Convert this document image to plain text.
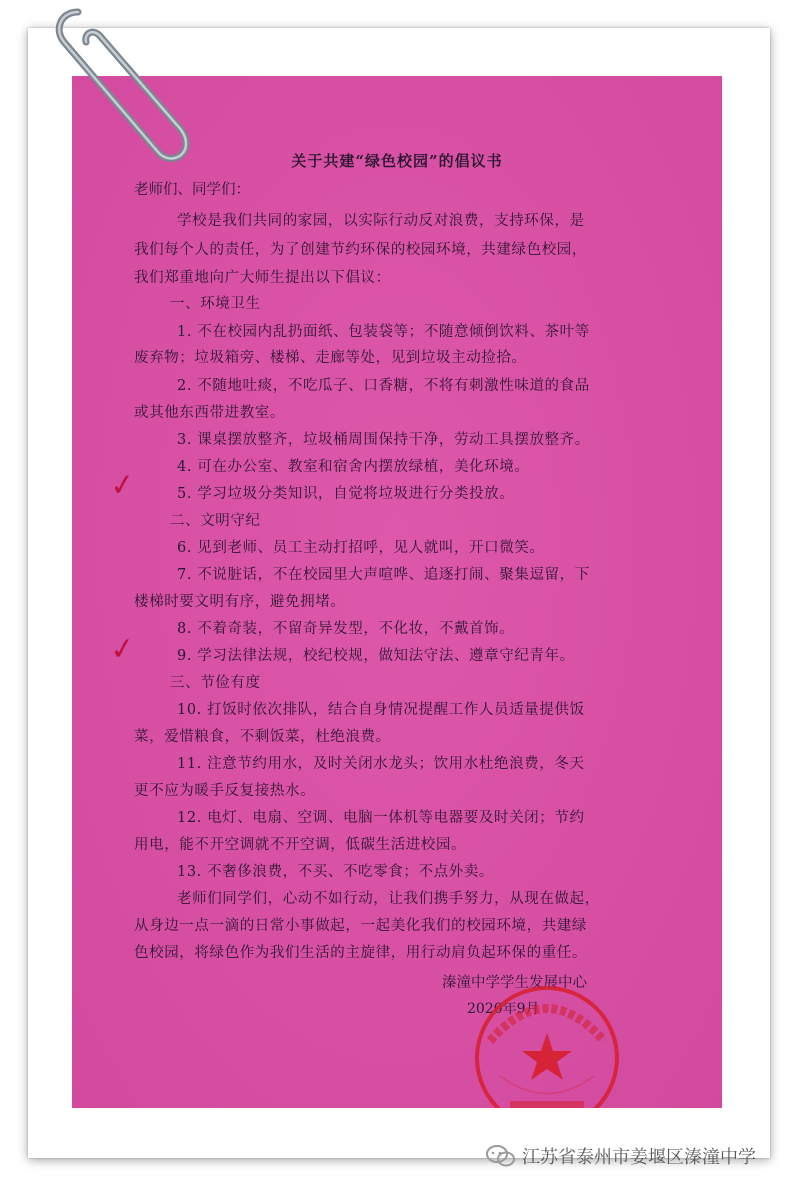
关于共建“绿色校园”的倡议书
老师们、同学们：
学校是我们共同的家园，以实际行动反对浪费，支持环保，是
我们每个人的责任，为了创建节约环保的校园环境，共建绿色校园，
我们郑重地向广大师生提出以下倡议：
一、环境卫生
1. 不在校园内乱扔面纸、包装袋等；不随意倾倒饮料、茶叶等
废弃物；垃圾箱旁、楼梯、走廊等处，见到垃圾主动捡拾。
2. 不随地吐痰，不吃瓜子、口香糖，不将有刺激性味道的食品
或其他东西带进教室。
3. 课桌摆放整齐，垃圾桶周围保持干净，劳动工具摆放整齐。
4. 可在办公室、教室和宿舍内摆放绿植，美化环境。
5. 学习垃圾分类知识，自觉将垃圾进行分类投放。
二、文明守纪
6. 见到老师、员工主动打招呼，见人就叫，开口微笑。
7. 不说脏话，不在校园里大声喧哗、追逐打闹、聚集逗留，下
楼梯时要文明有序，避免拥堵。
8. 不着奇装，不留奇异发型，不化妆，不戴首饰。
9. 学习法律法规，校纪校规，做知法守法、遵章守纪青年。
三、节俭有度
10. 打饭时依次排队，结合自身情况提醒工作人员适量提供饭
菜，爱惜粮食，不剩饭菜，杜绝浪费。
11. 注意节约用水，及时关闭水龙头；饮用水杜绝浪费，冬天
更不应为暖手反复接热水。
12. 电灯、电扇、空调、电脑一体机等电器要及时关闭；节约
用电，能不开空调就不开空调，低碳生活进校园。
13. 不奢侈浪费，不买、不吃零食；不点外卖。
老师们同学们，心动不如行动，让我们携手努力，从现在做起，
从身边一点一滴的日常小事做起，一起美化我们的校园环境，共建绿
色校园，将绿色作为我们生活的主旋律，用行动肩负起环保的重任。
✓
✓
溱潼中学学生发展中心
2020年9月
江苏省泰州市姜堰区溱潼中学
